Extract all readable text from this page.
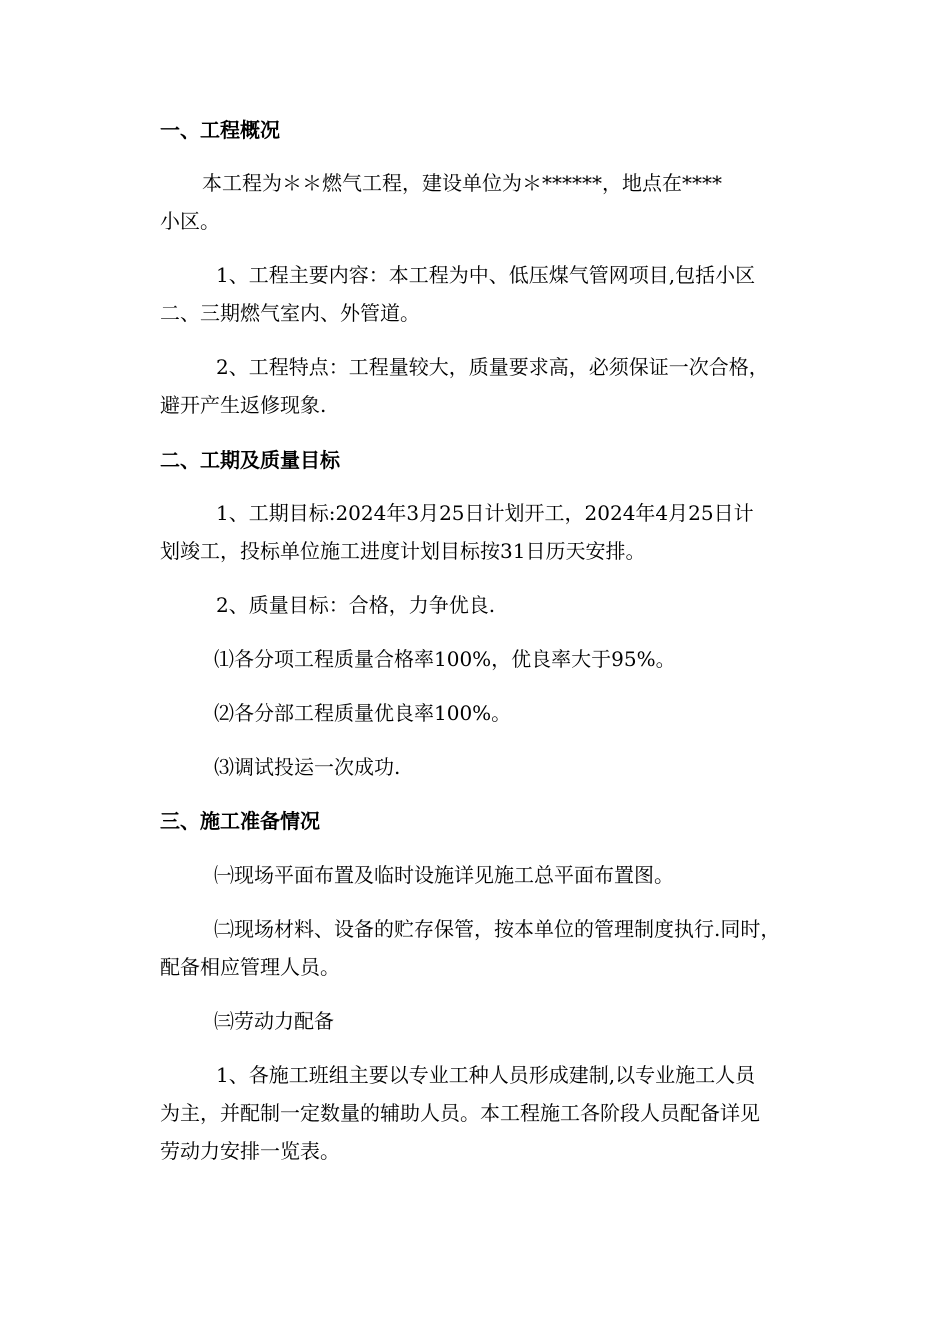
一、工程概况
本工程为＊＊燃气工程，建设单位为＊******，地点在****
小区。
1、工程主要内容：本工程为中、低压煤气管网项目,包括小区
二、三期燃气室内、外管道。
2、工程特点：工程量较大，质量要求高，必须保证一次合格，
避开产生返修现象.
二、工期及质量目标
1、工期目标:2024年3月25日计划开工，2024年4月25日计
划竣工，投标单位施工进度计划目标按31日历天安排。
2、质量目标：合格，力争优良.
⑴各分项工程质量合格率100%，优良率大于95%。
⑵各分部工程质量优良率100%。
⑶调试投运一次成功.
三、施工准备情况
㈠现场平面布置及临时设施详见施工总平面布置图。
㈡现场材料、设备的贮存保管，按本单位的管理制度执行.同时，
配备相应管理人员。
㈢劳动力配备
1、各施工班组主要以专业工种人员形成建制,以专业施工人员
为主，并配制一定数量的辅助人员。本工程施工各阶段人员配备详见
劳动力安排一览表。
